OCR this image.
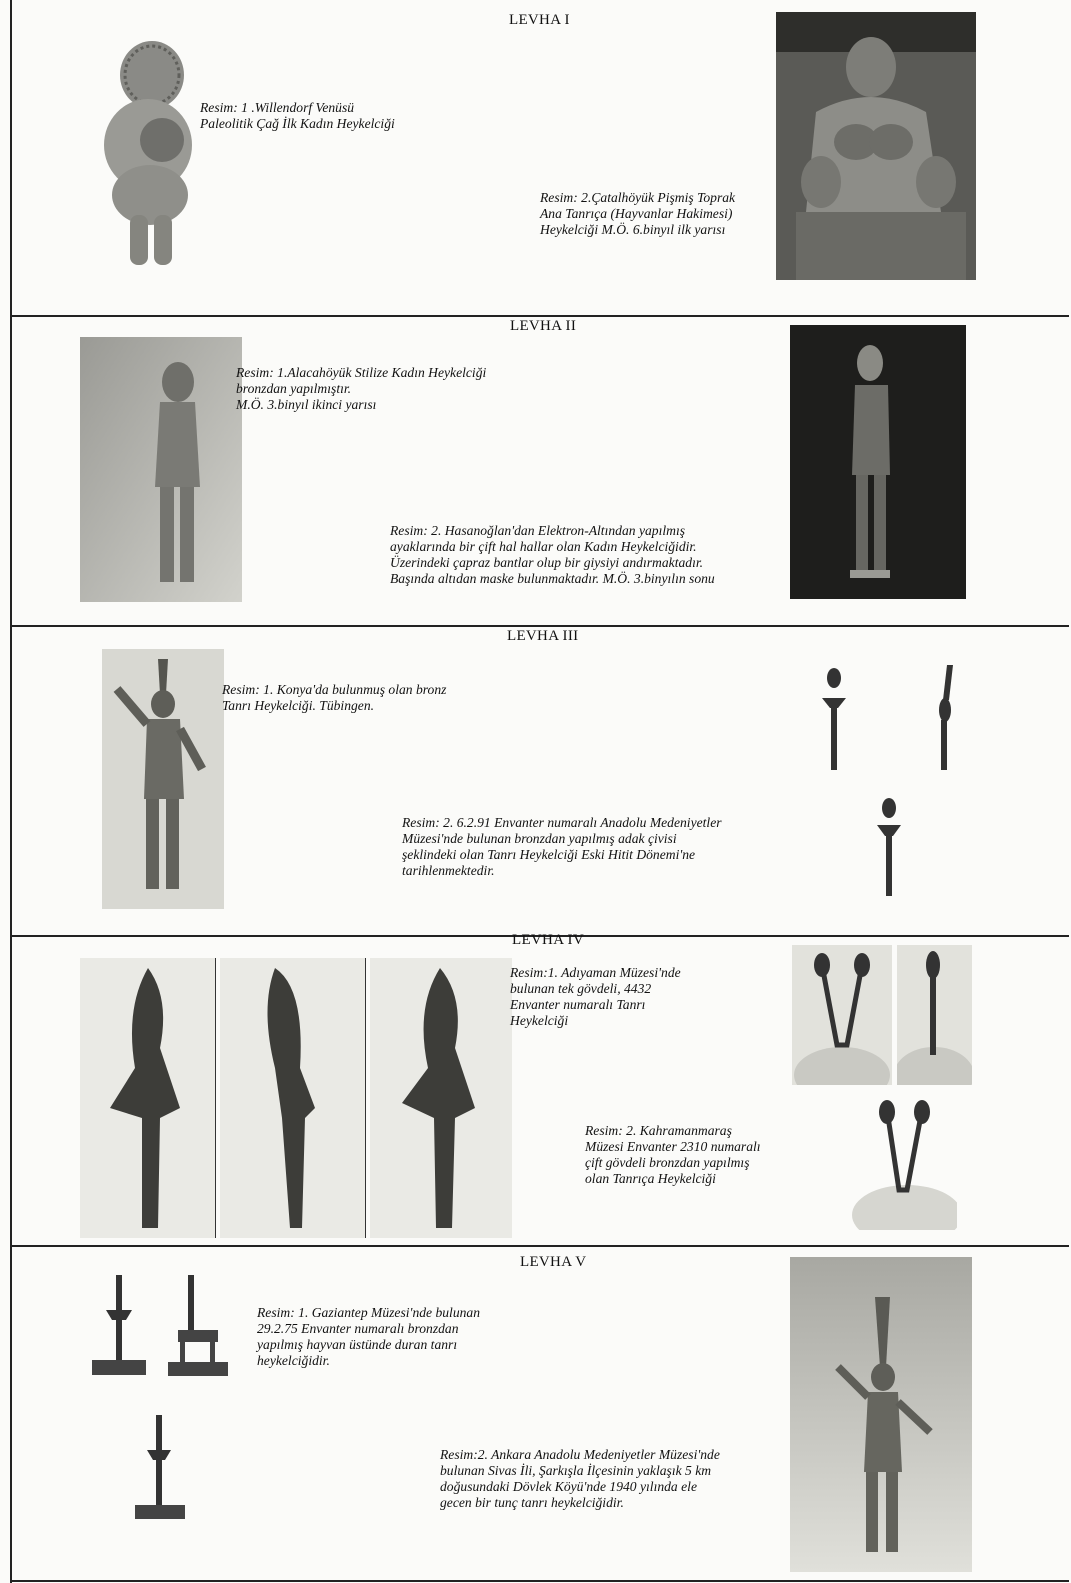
LEVHA I
Resim: 1 .Willendorf Venüsü
Paleolitik Çağ İlk Kadın Heykelciği
Resim: 2.Çatalhöyük Pişmiş Toprak
Ana Tanrıça (Hayvanlar Hakimesi)
Heykelciği M.Ö. 6.binyıl ilk yarısı
LEVHA II
Resim: 1.Alacahöyük Stilize Kadın Heykelciği
bronzdan yapılmıştır.
M.Ö. 3.binyıl ikinci yarısı
Resim: 2. Hasanoğlan'dan Elektron-Altından yapılmış
ayaklarında bir çift hal hallar olan Kadın Heykelciğidir.
Üzerindeki çapraz bantlar olup bir giysiyi andırmaktadır.
Başında altıdan maske bulunmaktadır. M.Ö. 3.binyılın sonu
LEVHA III
Resim: 1. Konya'da bulunmuş olan bronz
Tanrı Heykelciği. Tübingen.
Resim: 2. 6.2.91 Envanter numaralı Anadolu Medeniyetler
Müzesi'nde bulunan bronzdan yapılmış adak çivisi
şeklindeki olan Tanrı Heykelciği Eski Hitit Dönemi'ne
tarihlenmektedir.
LEVHA IV
Resim:1. Adıyaman Müzesi'nde
bulunan tek gövdeli, 4432
Envanter numaralı Tanrı
Heykelciği
Resim: 2. Kahramanmaraş
Müzesi Envanter 2310 numaralı
çift gövdeli bronzdan yapılmış
olan Tanrıça Heykelciği
LEVHA V
Resim: 1. Gaziantep Müzesi'nde bulunan
29.2.75 Envanter numaralı bronzdan
yapılmış hayvan üstünde duran tanrı
heykelciğidir.
Resim:2. Ankara Anadolu Medeniyetler Müzesi'nde
bulunan Sivas İli, Şarkışla İlçesinin yaklaşık 5 km
doğusundaki Dövlek Köyü'nde 1940 yılında ele
gecen bir tunç tanrı heykelciğidir.
